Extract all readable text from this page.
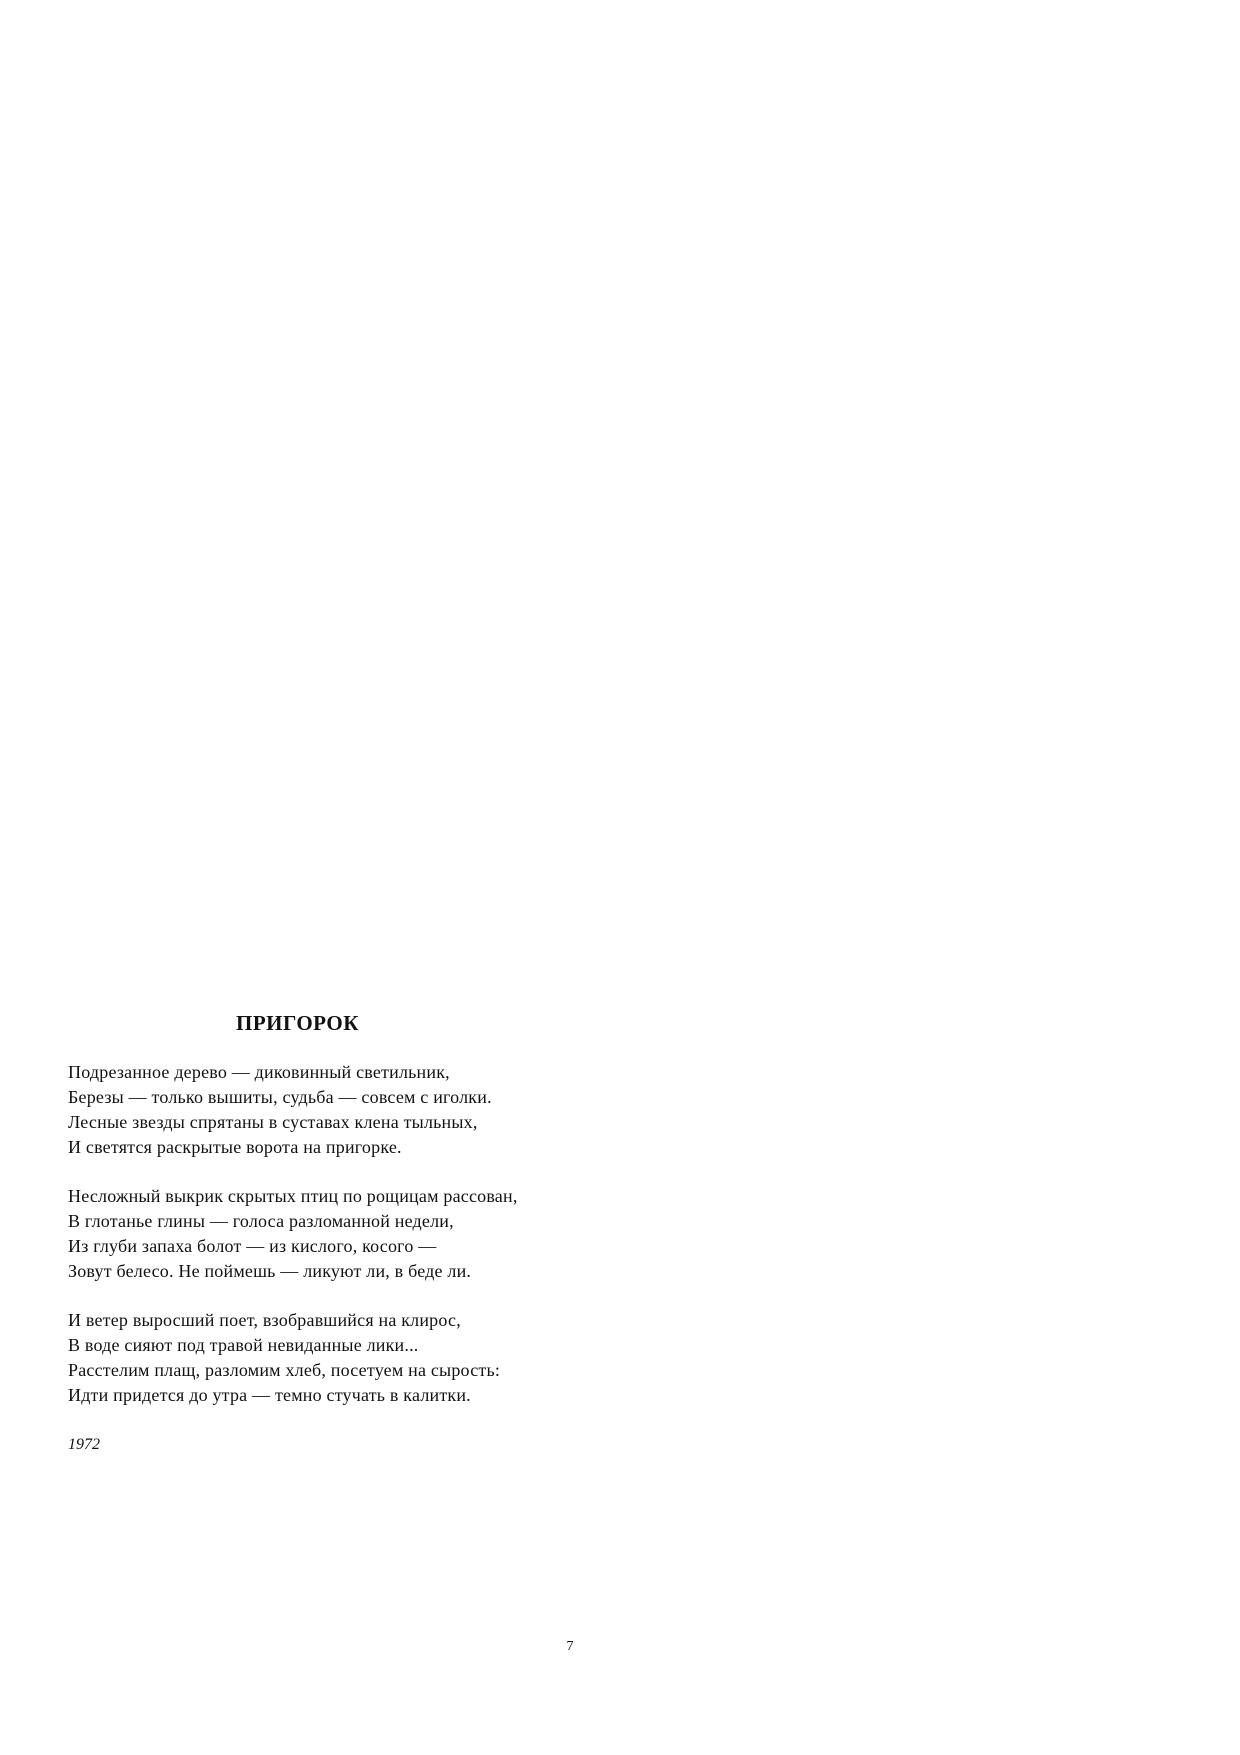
ПРИГОРОК
Подрезанное дерево — диковинный светильник,
Березы — только вышиты, судьба — совсем с иголки.
Лесные звезды спрятаны в суставах клена тыльных,
И светятся раскрытые ворота на пригорке.
Несложный выкрик скрытых птиц по рощицам рассован,
В глотанье глины — голоса разломанной недели,
Из глуби запаха болот — из кислого, косого —
Зовут белесо. Не поймешь — ликуют ли, в беде ли.
И ветер выросший поет, взобравшийся на клирос,
В воде сияют под травой невиданные лики...
Расстелим плащ, разломим хлеб, посетуем на сырость:
Идти придется до утра — темно стучать в калитки.
1972
7
